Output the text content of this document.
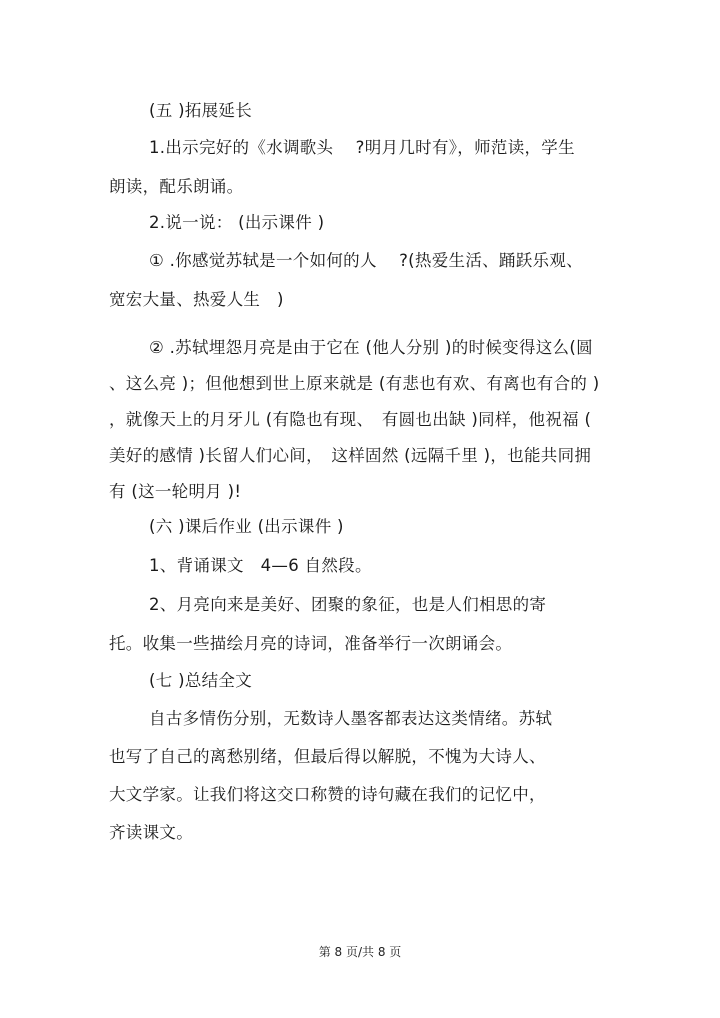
(五 )拓展延长
1.出示完好的《水调歌头　 ?明月几时有》，师范读，学生
朗读，配乐朗诵。
2.说一说： (出示课件 )
① .你感觉苏轼是一个如何的人　 ?(热爱生活、踊跃乐观、
宽宏大量、热爱人生　)
② .苏轼埋怨月亮是由于它在 (他人分别 )的时候变得这么(圆
、这么亮 )；但他想到世上原来就是 (有悲也有欢、有离也有合的 )
，就像天上的月牙儿 (有隐也有现、　有圆也出缺 )同样，他祝福 (
美好的感情 )长留人们心间，　这样固然 (远隔千里 )，也能共同拥
有 (这一轮明月 )!
(六 )课后作业 (出示课件 )
1、背诵课文　4—6 自然段。
2、月亮向来是美好、团聚的象征，也是人们相思的寄
托。收集一些描绘月亮的诗词，准备举行一次朗诵会。
(七 )总结全文
自古多情伤分别，无数诗人墨客都表达这类情绪。苏轼
也写了自己的离愁别绪，但最后得以解脱，不愧为大诗人、
大文学家。让我们将这交口称赞的诗句藏在我们的记忆中，
齐读课文。
第 8 页/共 8 页
